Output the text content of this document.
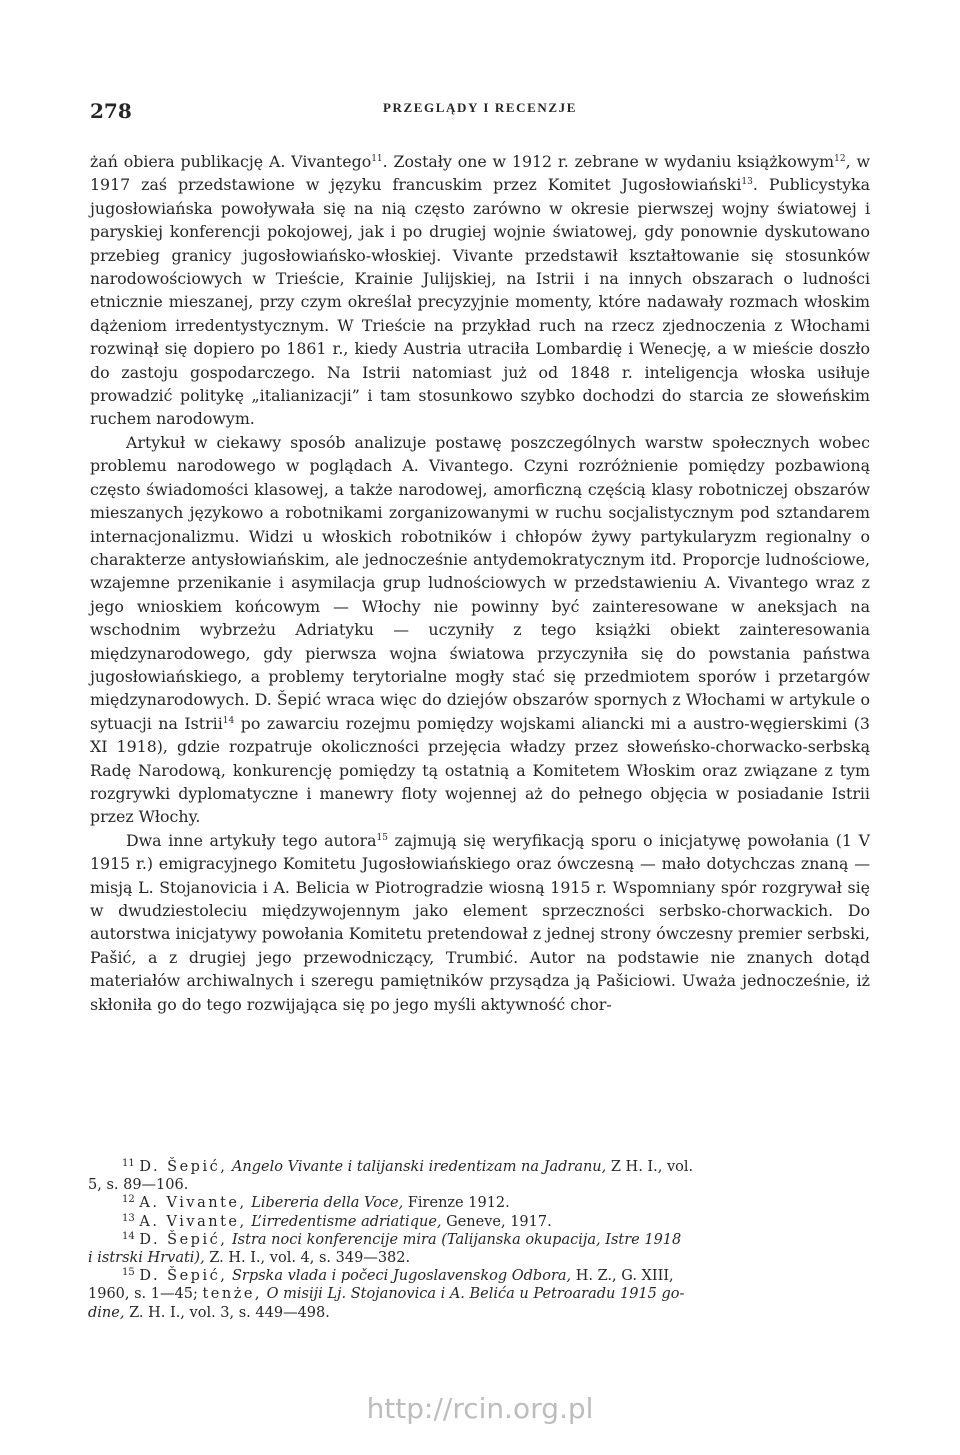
278	PRZEGLĄDY I RECENZJE

żań obiera publikację A. Vivantego$^{11}$. Zostały one w 1912 r. zebrane w wydaniu książkowym$^{12}$, w 1917 zaś przedstawione w języku francuskim przez Komitet Jugosłowiański$^{13}$. Publicystyka jugosłowiańska powoływała się na nią często zarówno w okresie pierwszej wojny światowej i paryskiej konferencji pokojowej, jak i po drugiej wojnie światowej, gdy ponownie dyskutowano przebieg granicy jugosłowiańsko-włoskiej. Vivante przedstawił kształtowanie się stosunków narodowościowych w Trieście, Krainie Julijskiej, na Istrii i na innych obszarach o ludności etnicznie mieszanej, przy czym określał precyzyjnie momenty, które nadawały rozmach włoskim dążeniom irredentystycznym. W Trieście na przykład ruch na rzecz zjednoczenia z Włochami rozwinął się dopiero po 1861 r., kiedy Austria utraciła Lombardię i Wenecję, a w mieście doszło do zastoju gospodarczego. Na Istrii natomiast już od 1848 r. inteligencja włoska usiłuje prowadzić politykę „italianizacji” i tam stosunkowo szybko dochodzi do starcia ze słoweńskim ruchem narodowym.

Artykuł w ciekawy sposób analizuje postawę poszczególnych warstw społecznych wobec problemu narodowego w poglądach A. Vivantego. Czyni rozróżnienie pomiędzy pozbawioną często świadomości klasowej, a także narodowej, amorficzną częścią klasy robotniczej obszarów mieszanych językowo a robotnikami zorganizowanymi w ruchu socjalistycznym pod sztandarem internacjonalizmu. Widzi u włoskich robotników i chłopów żywy partykularyzm regionalny o charakterze antysłowiańskim, ale jednocześnie antydemokratycznym itd. Proporcje ludnościowe, wzajemne przenikanie i asymilacja grup ludnościowych w przedstawieniu A. Vivantego wraz z jego wnioskiem końcowym — Włochy nie powinny być zainteresowane w aneksjach na wschodnim wybrzeżu Adriatyku — uczyniły z tego książki obiekt zainteresowania międzynarodowego, gdy pierwsza wojna światowa przyczyniła się do powstania państwa jugosłowiańskiego, a problemy terytorialne mogły stać się przedmiotem sporów i przetargów międzynarodowych. D. Šepić wraca więc do dziejów obszarów spornych z Włochami w artykule o sytuacji na Istrii$^{14}$ po zawarciu rozejmu pomiędzy wojskami aliancki mi a austro-węgierskimi (3 XI 1918), gdzie rozpatruje okoliczności przejęcia władzy przez słoweńsko-chorwacko-serbską Radę Narodową, konkurencję pomiędzy tą ostatnią a Komitetem Włoskim oraz związane z tym rozgrywki dyplomatyczne i manewry floty wojennej aż do pełnego objęcia w posiadanie Istrii przez Włochy.

Dwa inne artykuły tego autora$^{15}$ zajmują się weryfikacją sporu o inicjatywę powołania (1 V 1915 r.) emigracyjnego Komitetu Jugosłowiańskiego oraz ówczesną — mało dotychczas znaną — misją L. Stojanovicia i A. Belicia w Piotrogradzie wiosną 1915 r. Wspomniany spór rozgrywał się w dwudziestoleciu międzywojennym jako element sprzeczności serbsko-chorwackich. Do autorstwa inicjatywy powołania Komitetu pretendował z jednej strony ówczesny premier serbski, Pašić, a z drugiej jego przewodniczący, Trumbić. Autor na podstawie nie znanych dotąd materiałów archiwalnych i szeregu pamiętników przysądza ją Pašiciowi. Uważa jednocześnie, iż skłoniła go do tego rozwijająca się po jego myśli aktywność chor-

$^{11}$ D. Šepić, Angelo Vivante i talijanski iredentizam na Jadranu, Z H. I., vol.
5, s. 89—106.

$^{12}$ A. Vivante, Libereria della Voce, Firenze 1912.

$^{13}$ A. Vivante, L’irredentisme adriatique, Geneve, 1917.

$^{14}$ D. Šepić, Istra noci konferencije mira (Talijanska okupacija, Istre 1918
i istrski Hrvati), Z. H. I., vol. 4, s. 349—382.

$^{15}$ D. Šepić, Srpska vlada i počeci Jugoslavenskog Odbora, H. Z., G. XIII,
1960, s. 1—45; tenże, O misiji Lj. Stojanovica i A. Belića u Petroaradu 1915 go-
dine, Z. H. I., vol. 3, s. 449—498.

http://rcin.org.pl
